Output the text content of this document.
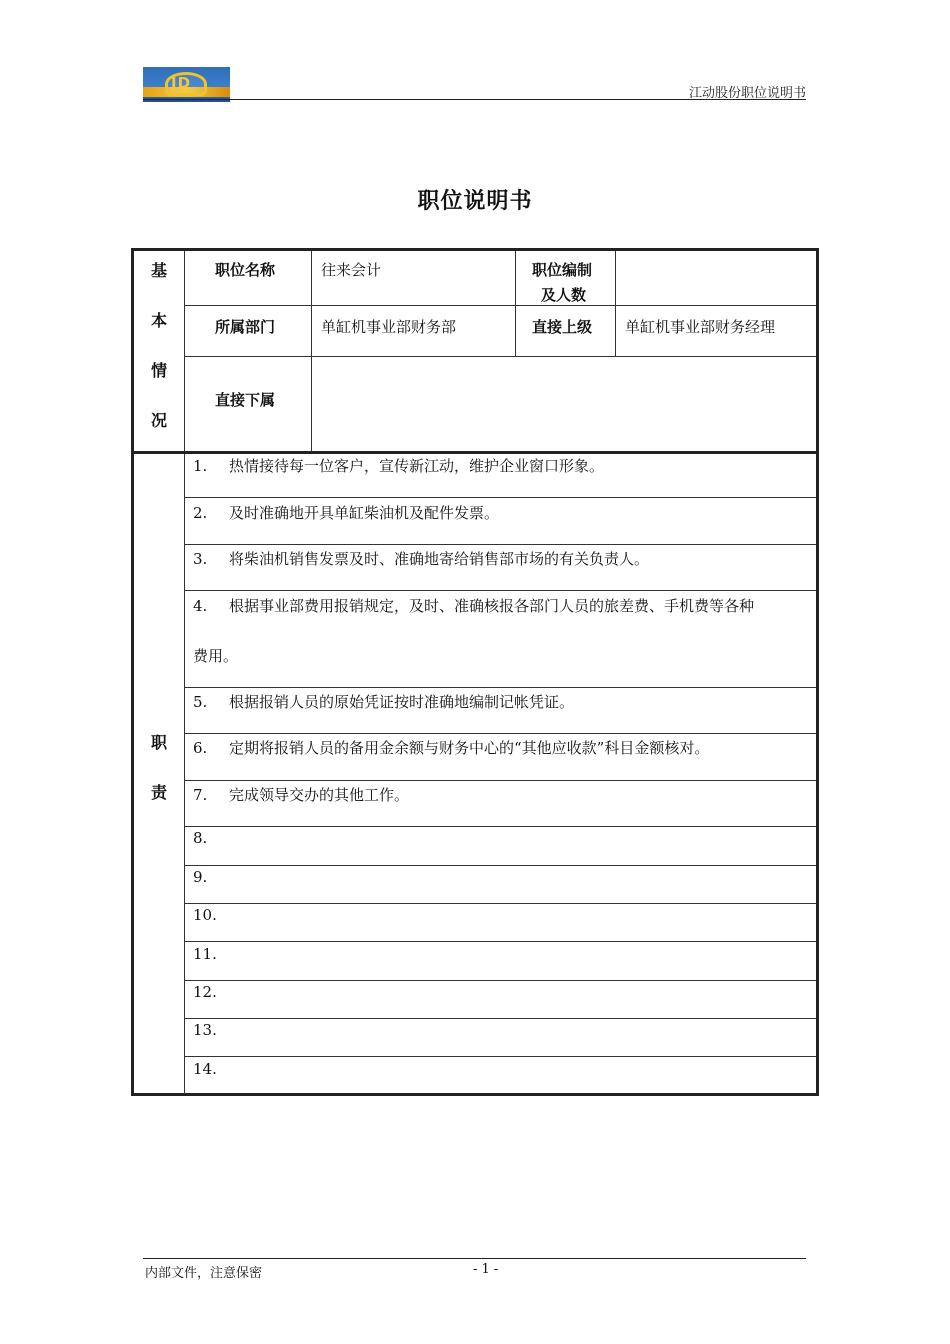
JD
江动股份职位说明书
职位说明书
基
本
情
况
职位名称	往来会计	职位编制
及人数
所属部门	单缸机事业部财务部	直接上级 单缸机事业部财务经理
直接下属
职
责
1. 热情接待每一位客户，宣传新江动，维护企业窗口形象。
2. 及时准确地开具单缸柴油机及配件发票。
3. 将柴油机销售发票及时、准确地寄给销售部市场的有关负责人。
4. 根据事业部费用报销规定，及时、准确核报各部门人员的旅差费、手机费等各种
费用。
5. 根据报销人员的原始凭证按时准确地编制记帐凭证。
6. 定期将报销人员的备用金余额与财务中心的“其他应收款”科目金额核对。
7. 完成领导交办的其他工作。
8.
9.
10.
11.
12.
13.
14.
内部文件，注意保密	- 1 -
